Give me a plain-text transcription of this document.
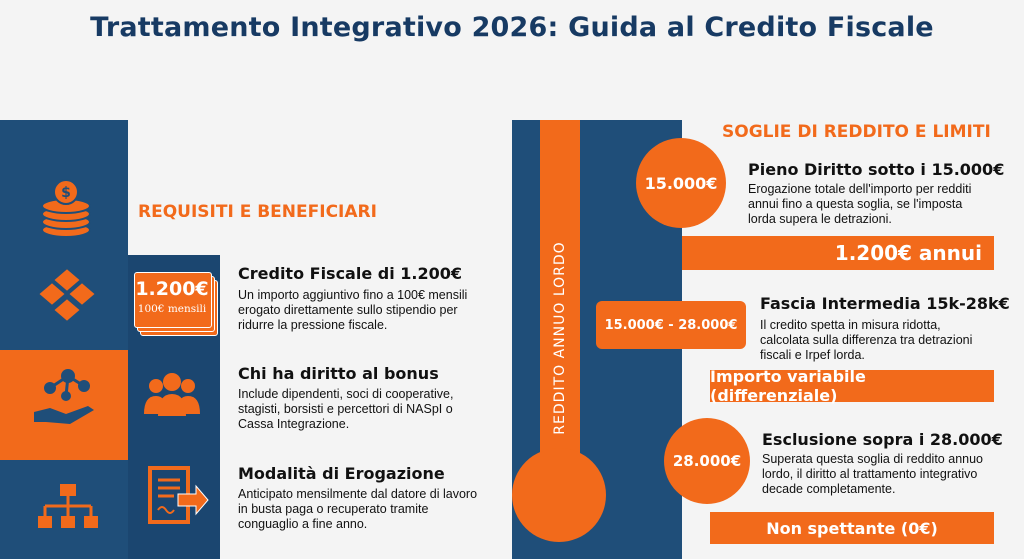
Trattamento Integrativo 2026: Guida al Credito Fiscale
$
REQUISITI E BENEFICIARI
1.200€
100€ mensili
Credito Fiscale di 1.200€
Un importo aggiuntivo fino a 100€ mensili erogato direttamente sullo stipendio per ridurre la pressione fiscale.
Chi ha diritto al bonus
Include dipendenti, soci di cooperative, stagisti, borsisti e percettori di NASpI o Cassa Integrazione.
Modalità di Erogazione
Anticipato mensilmente dal datore di lavoro in busta paga o recuperato tramite conguaglio a fine anno.
REDDITO ANNUO LORDO
SOGLIE DI REDDITO E LIMITI
15.000€
Pieno Diritto sotto i 15.000€
Erogazione totale dell'importo per redditi annui fino a questa soglia, se l'imposta lorda supera le detrazioni.
1.200€ annui
15.000€ - 28.000€
Fascia Intermedia 15k-28k€
Il credito spetta in misura ridotta, calcolata sulla differenza tra detrazioni fiscali e Irpef lorda.
Importo variabile (differenziale)
28.000€
Esclusione sopra i 28.000€
Superata questa soglia di reddito annuo lordo, il diritto al trattamento integrativo decade completamente.
Non spettante (0€)
